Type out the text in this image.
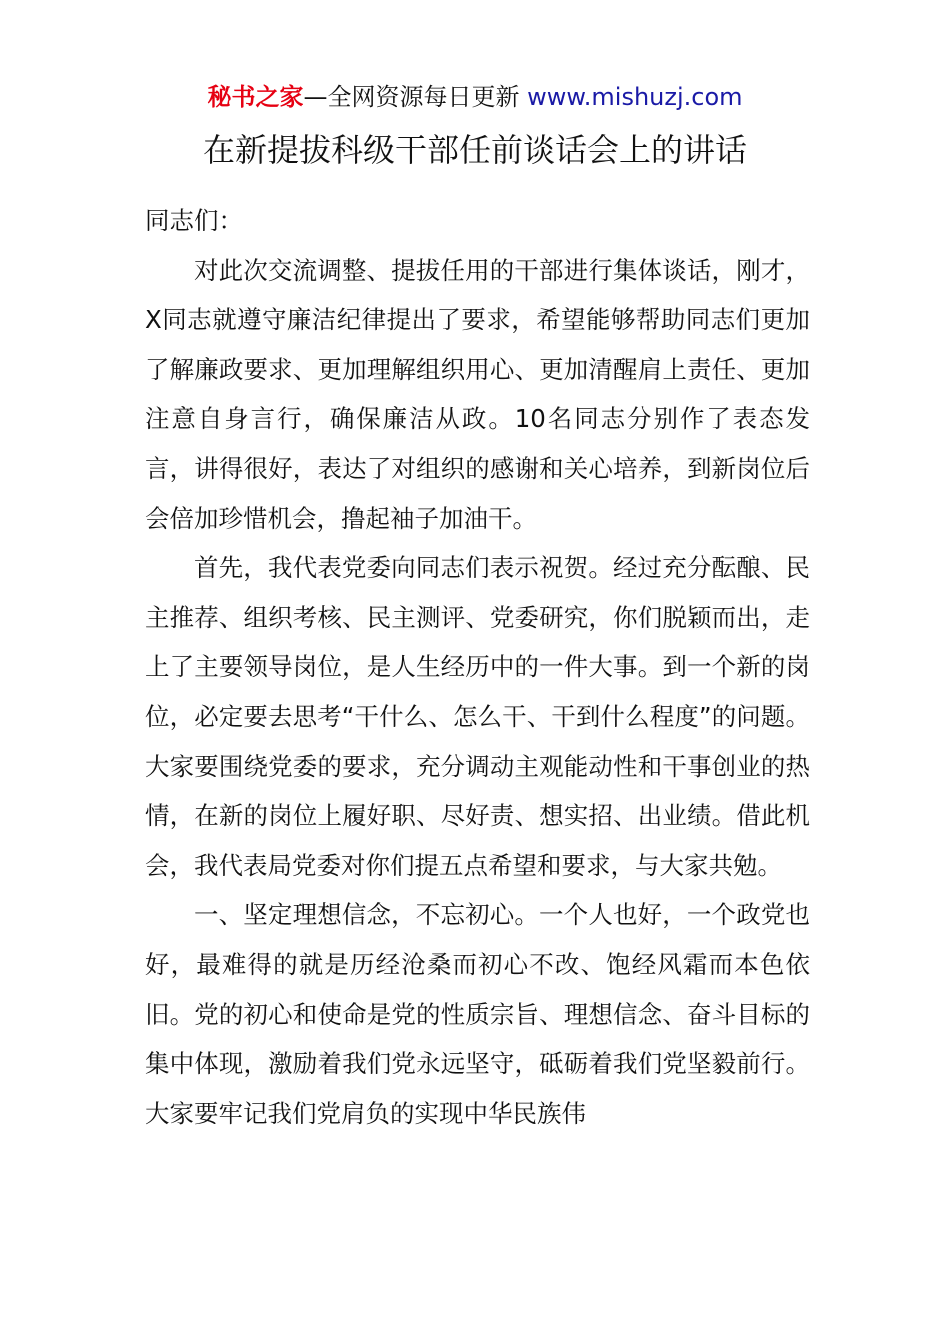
秘书之家—全网资源每日更新 www.mishuzj.com
在新提拔科级干部任前谈话会上的讲话

同志们：

对此次交流调整、提拔任用的干部进行集体谈话，刚才，X同志就遵守廉洁纪律提出了要求，希望能够帮助同志们更加了解廉政要求、更加理解组织用心、更加清醒肩上责任、更加注意自身言行，确保廉洁从政。10名同志分别作了表态发言，讲得很好，表达了对组织的感谢和关心培养，到新岗位后会倍加珍惜机会，撸起袖子加油干。

首先，我代表党委向同志们表示祝贺。经过充分酝酿、民主推荐、组织考核、民主测评、党委研究，你们脱颖而出，走上了主要领导岗位，是人生经历中的一件大事。到一个新的岗位，必定要去思考“干什么、怎么干、干到什么程度”的问题。大家要围绕党委的要求，充分调动主观能动性和干事创业的热情，在新的岗位上履好职、尽好责、想实招、出业绩。借此机会，我代表局党委对你们提五点希望和要求，与大家共勉。

一、坚定理想信念，不忘初心。一个人也好，一个政党也好，最难得的就是历经沧桑而初心不改、饱经风霜而本色依旧。党的初心和使命是党的性质宗旨、理想信念、奋斗目标的集中体现，激励着我们党永远坚守，砥砺着我们党坚毅前行。大家要牢记我们党肩负的实现中华民族伟
